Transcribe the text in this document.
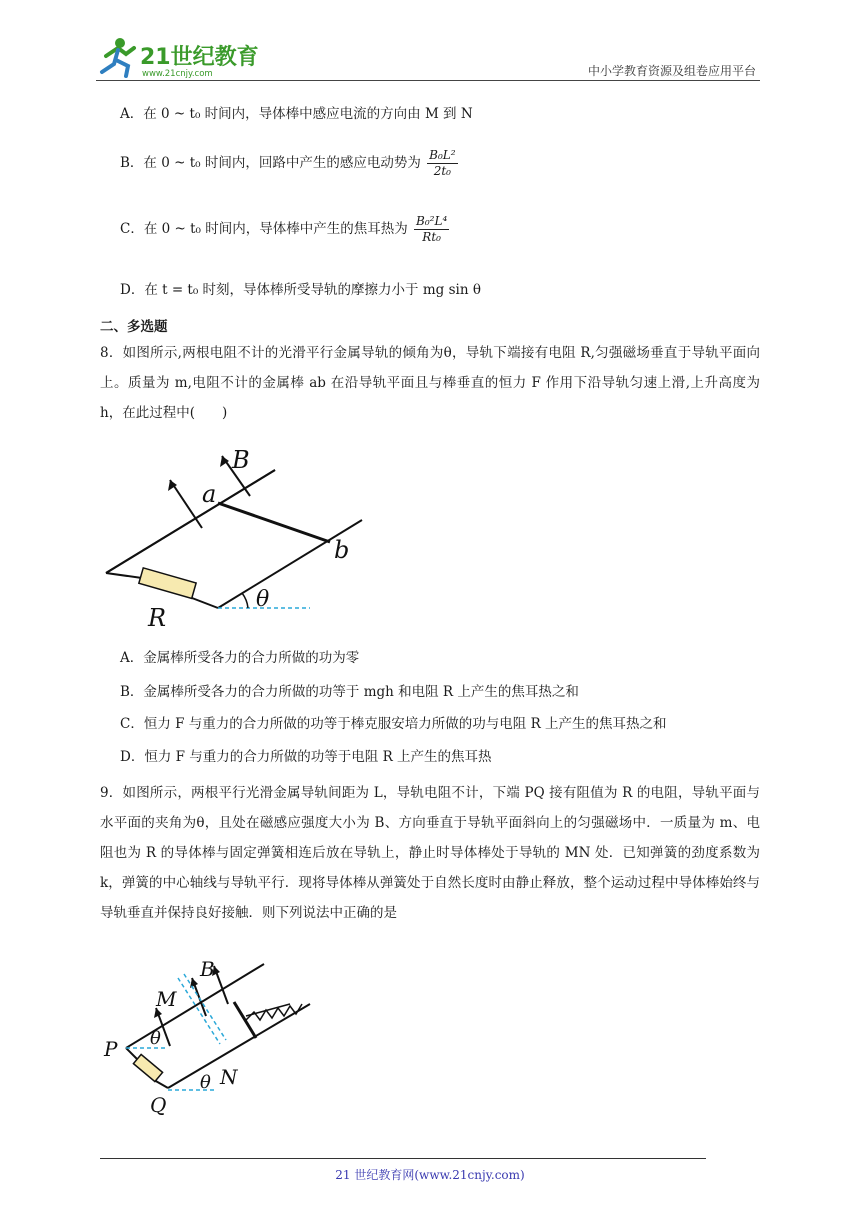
21世纪教育
www.21cnjy.com	中小学教育资源及组卷应用平台
A．在 0 ~ t₀ 时间内，导体棒中感应电流的方向由 M 到 N
B．在 0 ~ t₀ 时间内，回路中产生的感应电动势为 $\frac{\text{B₀L²}}{\text{2t₀}}$
C．在 0 ~ t₀ 时间内，导体棒中产生的焦耳热为 $\frac{\text{B₀²L⁴}}{\text{Rt₀}}$
D．在 t = t₀ 时刻，导体棒所受导轨的摩擦力小于 mg sin θ
二、多选题
8．如图所示,两根电阻不计的光滑平行金属导轨的倾角为θ，导轨下端接有电阻 R,匀强磁场垂直于导轨平面向上。质量为 m,电阻不计的金属棒 ab 在沿导轨平面且与棒垂直的恒力 F 作用下沿导轨匀速上滑,上升高度为 h，在此过程中(　　)
B
a
b
R
θ
A．金属棒所受各力的合力所做的功为零
B．金属棒所受各力的合力所做的功等于 mgh 和电阻 R 上产生的焦耳热之和
C．恒力 F 与重力的合力所做的功等于棒克服安培力所做的功与电阻 R 上产生的焦耳热之和
D．恒力 F 与重力的合力所做的功等于电阻 R 上产生的焦耳热
9．如图所示，两根平行光滑金属导轨间距为 L，导轨电阻不计，下端 PQ 接有阻值为 R 的电阻，导轨平面与水平面的夹角为θ，且处在磁感应强度大小为 B、方向垂直于导轨平面斜向上的匀强磁场中．一质量为 m、电阻也为 R 的导体棒与固定弹簧相连后放在导轨上，静止时导体棒处于导轨的 MN 处．已知弹簧的劲度系数为 k，弹簧的中心轴线与导轨平行．现将导体棒从弹簧处于自然长度时由静止释放，整个运动过程中导体棒始终与导轨垂直并保持良好接触．则下列说法中正确的是
B
M
P
Q
N
θ
θ
21 世纪教育网(www.21cnjy.com)
